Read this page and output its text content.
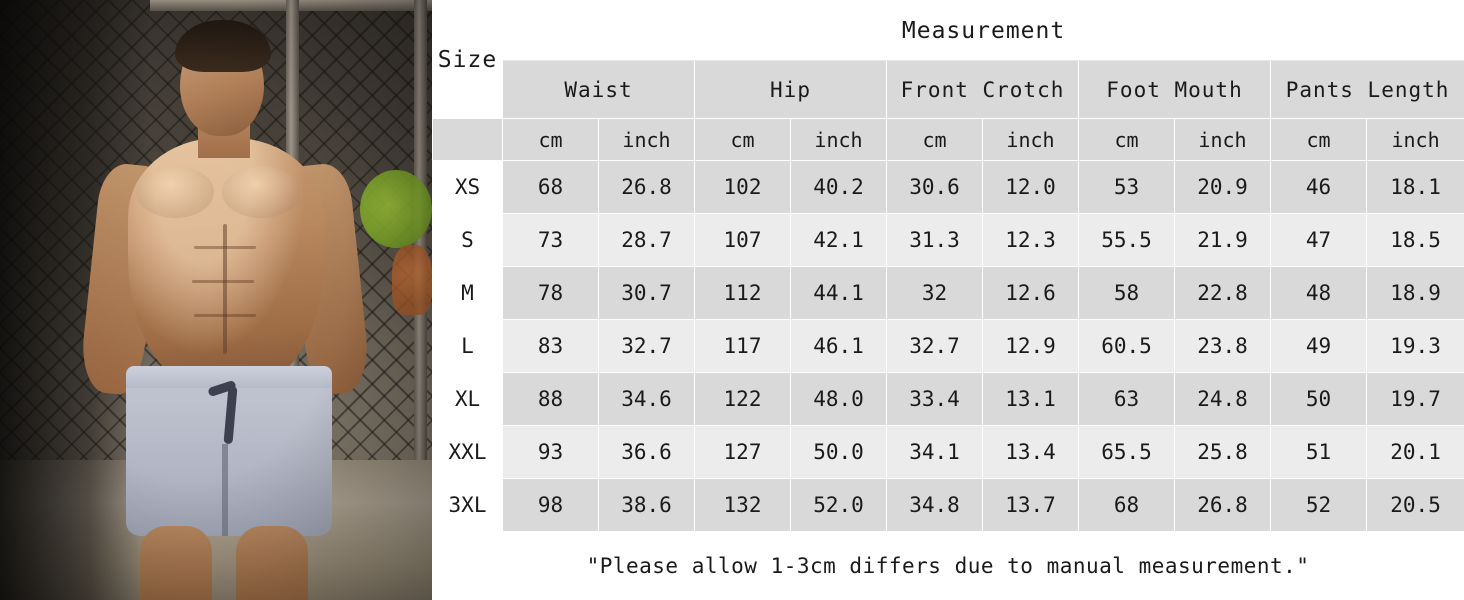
Size	Measurement									
	Waist		Hip		Front Crotch		Foot Mouth		Pants Length	
	cm	inch	cm	inch	cm	inch	cm	inch	cm	inch
XS	68	26.8	102	40.2	30.6	12.0	53	20.9	46	18.1
S	73	28.7	107	42.1	31.3	12.3	55.5	21.9	47	18.5
M	78	30.7	112	44.1	32	12.6	58	22.8	48	18.9
L	83	32.7	117	46.1	32.7	12.9	60.5	23.8	49	19.3
XL	88	34.6	122	48.0	33.4	13.1	63	24.8	50	19.7
XXL	93	36.6	127	50.0	34.1	13.4	65.5	25.8	51	20.1
3XL	98	38.6	132	52.0	34.8	13.7	68	26.8	52	20.5
"Please allow 1-3cm differs due to manual measurement."
